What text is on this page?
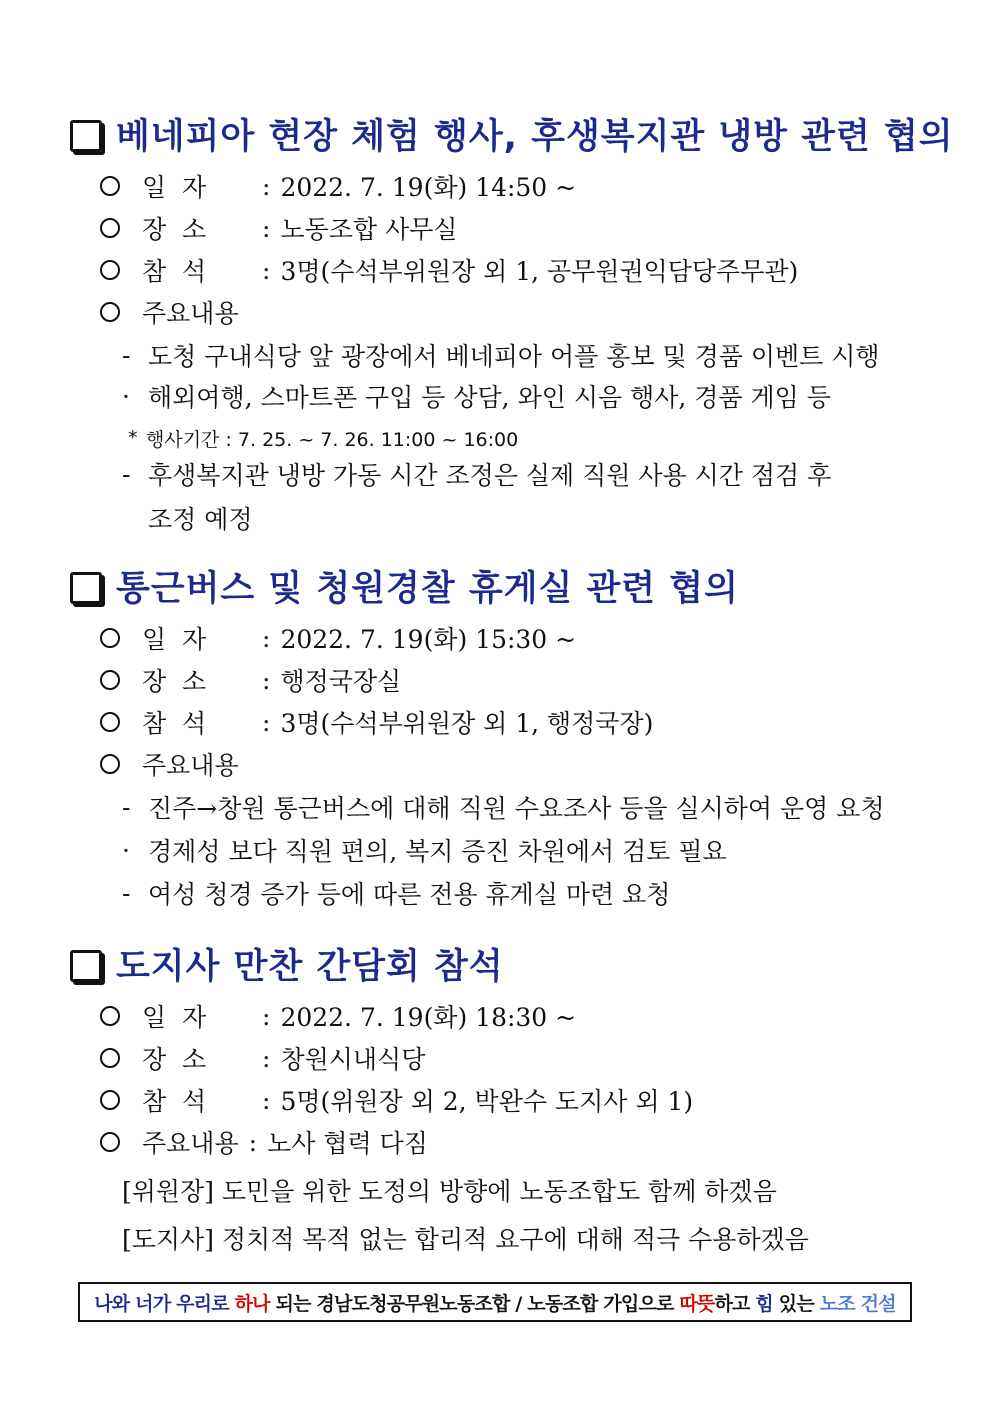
베네피아 현장 체험 행사, 후생복지관 냉방 관련 협의
일  자	: 2022. 7. 19(화) 14:50 ~
장  소	: 노동조합 사무실
참  석	: 3명(수석부위원장 외 1, 공무원권익담당주무관)
주요내용
- 도청 구내식당 앞 광장에서 베네피아 어플 홍보 및 경품 이벤트 시행
· 해외여행, 스마트폰 구입 등 상담, 와인 시음 행사, 경품 게임 등
* 행사기간 : 7. 25. ~ 7. 26. 11:00 ~ 16:00
- 후생복지관 냉방 가동 시간 조정은 실제 직원 사용 시간 점검 후
조정 예정
통근버스 및 청원경찰 휴게실 관련 협의
일  자	: 2022. 7. 19(화) 15:30 ~
장  소	: 행정국장실
참  석	: 3명(수석부위원장 외 1, 행정국장)
주요내용
- 진주→창원 통근버스에 대해 직원 수요조사 등을 실시하여 운영 요청
· 경제성 보다 직원 편의, 복지 증진 차원에서 검토 필요
- 여성 청경 증가 등에 따른 전용 휴게실 마련 요청
도지사 만찬 간담회 참석
일  자	: 2022. 7. 19(화) 18:30 ~
장  소	: 창원시내식당
참  석	: 5명(위원장 외 2, 박완수 도지사 외 1)
주요내용 : 노사 협력 다짐
[위원장] 도민을 위한 도정의 방향에 노동조합도 함께 하겠음
[도지사] 정치적 목적 없는 합리적 요구에 대해 적극 수용하겠음
나와 너가 우리로 하나 되는 경남도청공무원노동조합 / 노동조합 가입으로 따뜻 하고 힘 있는 노조 건설
